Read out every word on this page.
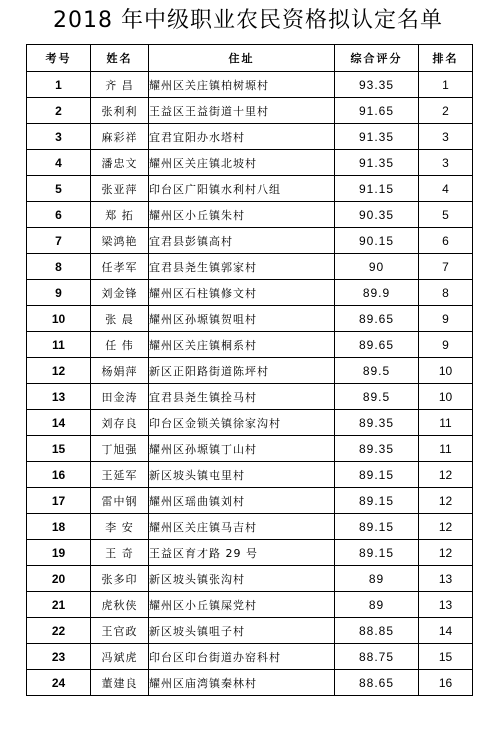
2018 年中级职业农民资格拟认定名单
考号	姓名	住址	综合评分	排名
1	齐 昌	耀州区关庄镇柏树塬村	93.35	1
2	张利利	王益区王益街道十里村	91.65	2
3	麻彩祥	宜君宜阳办水塔村	91.35	3
4	潘忠文	耀州区关庄镇北坡村	91.35	3
5	张亚萍	印台区广阳镇水利村八组	91.15	4
6	郑 拓	耀州区小丘镇朱村	90.35	5
7	梁鸿艳	宜君县彭镇高村	90.15	6
8	任孝军	宜君县尧生镇郭家村	90	7
9	刘金锋	耀州区石柱镇修文村	89.9	8
10	张 晨	耀州区孙塬镇贺咀村	89.65	9
11	任 伟	耀州区关庄镇桐系村	89.65	9
12	杨娟萍	新区正阳路街道陈坪村	89.5	10
13	田金涛	宜君县尧生镇拴马村	89.5	10
14	刘存良	印台区金锁关镇徐家沟村	89.35	11
15	丁旭强	耀州区孙塬镇丁山村	89.35	11
16	王延军	新区坡头镇屯里村	89.15	12
17	雷中钢	耀州区瑶曲镇刘村	89.15	12
18	李 安	耀州区关庄镇马吉村	89.15	12
19	王 奇	王益区育才路 29 号	89.15	12
20	张多印	新区坡头镇张沟村	89	13
21	虎秋侠	耀州区小丘镇屎党村	89	13
22	王官政	新区坡头镇咀子村	88.85	14
23	冯斌虎	印台区印台街道办窑科村	88.75	15
24	董建良	耀州区庙湾镇秦林村	88.65	16
